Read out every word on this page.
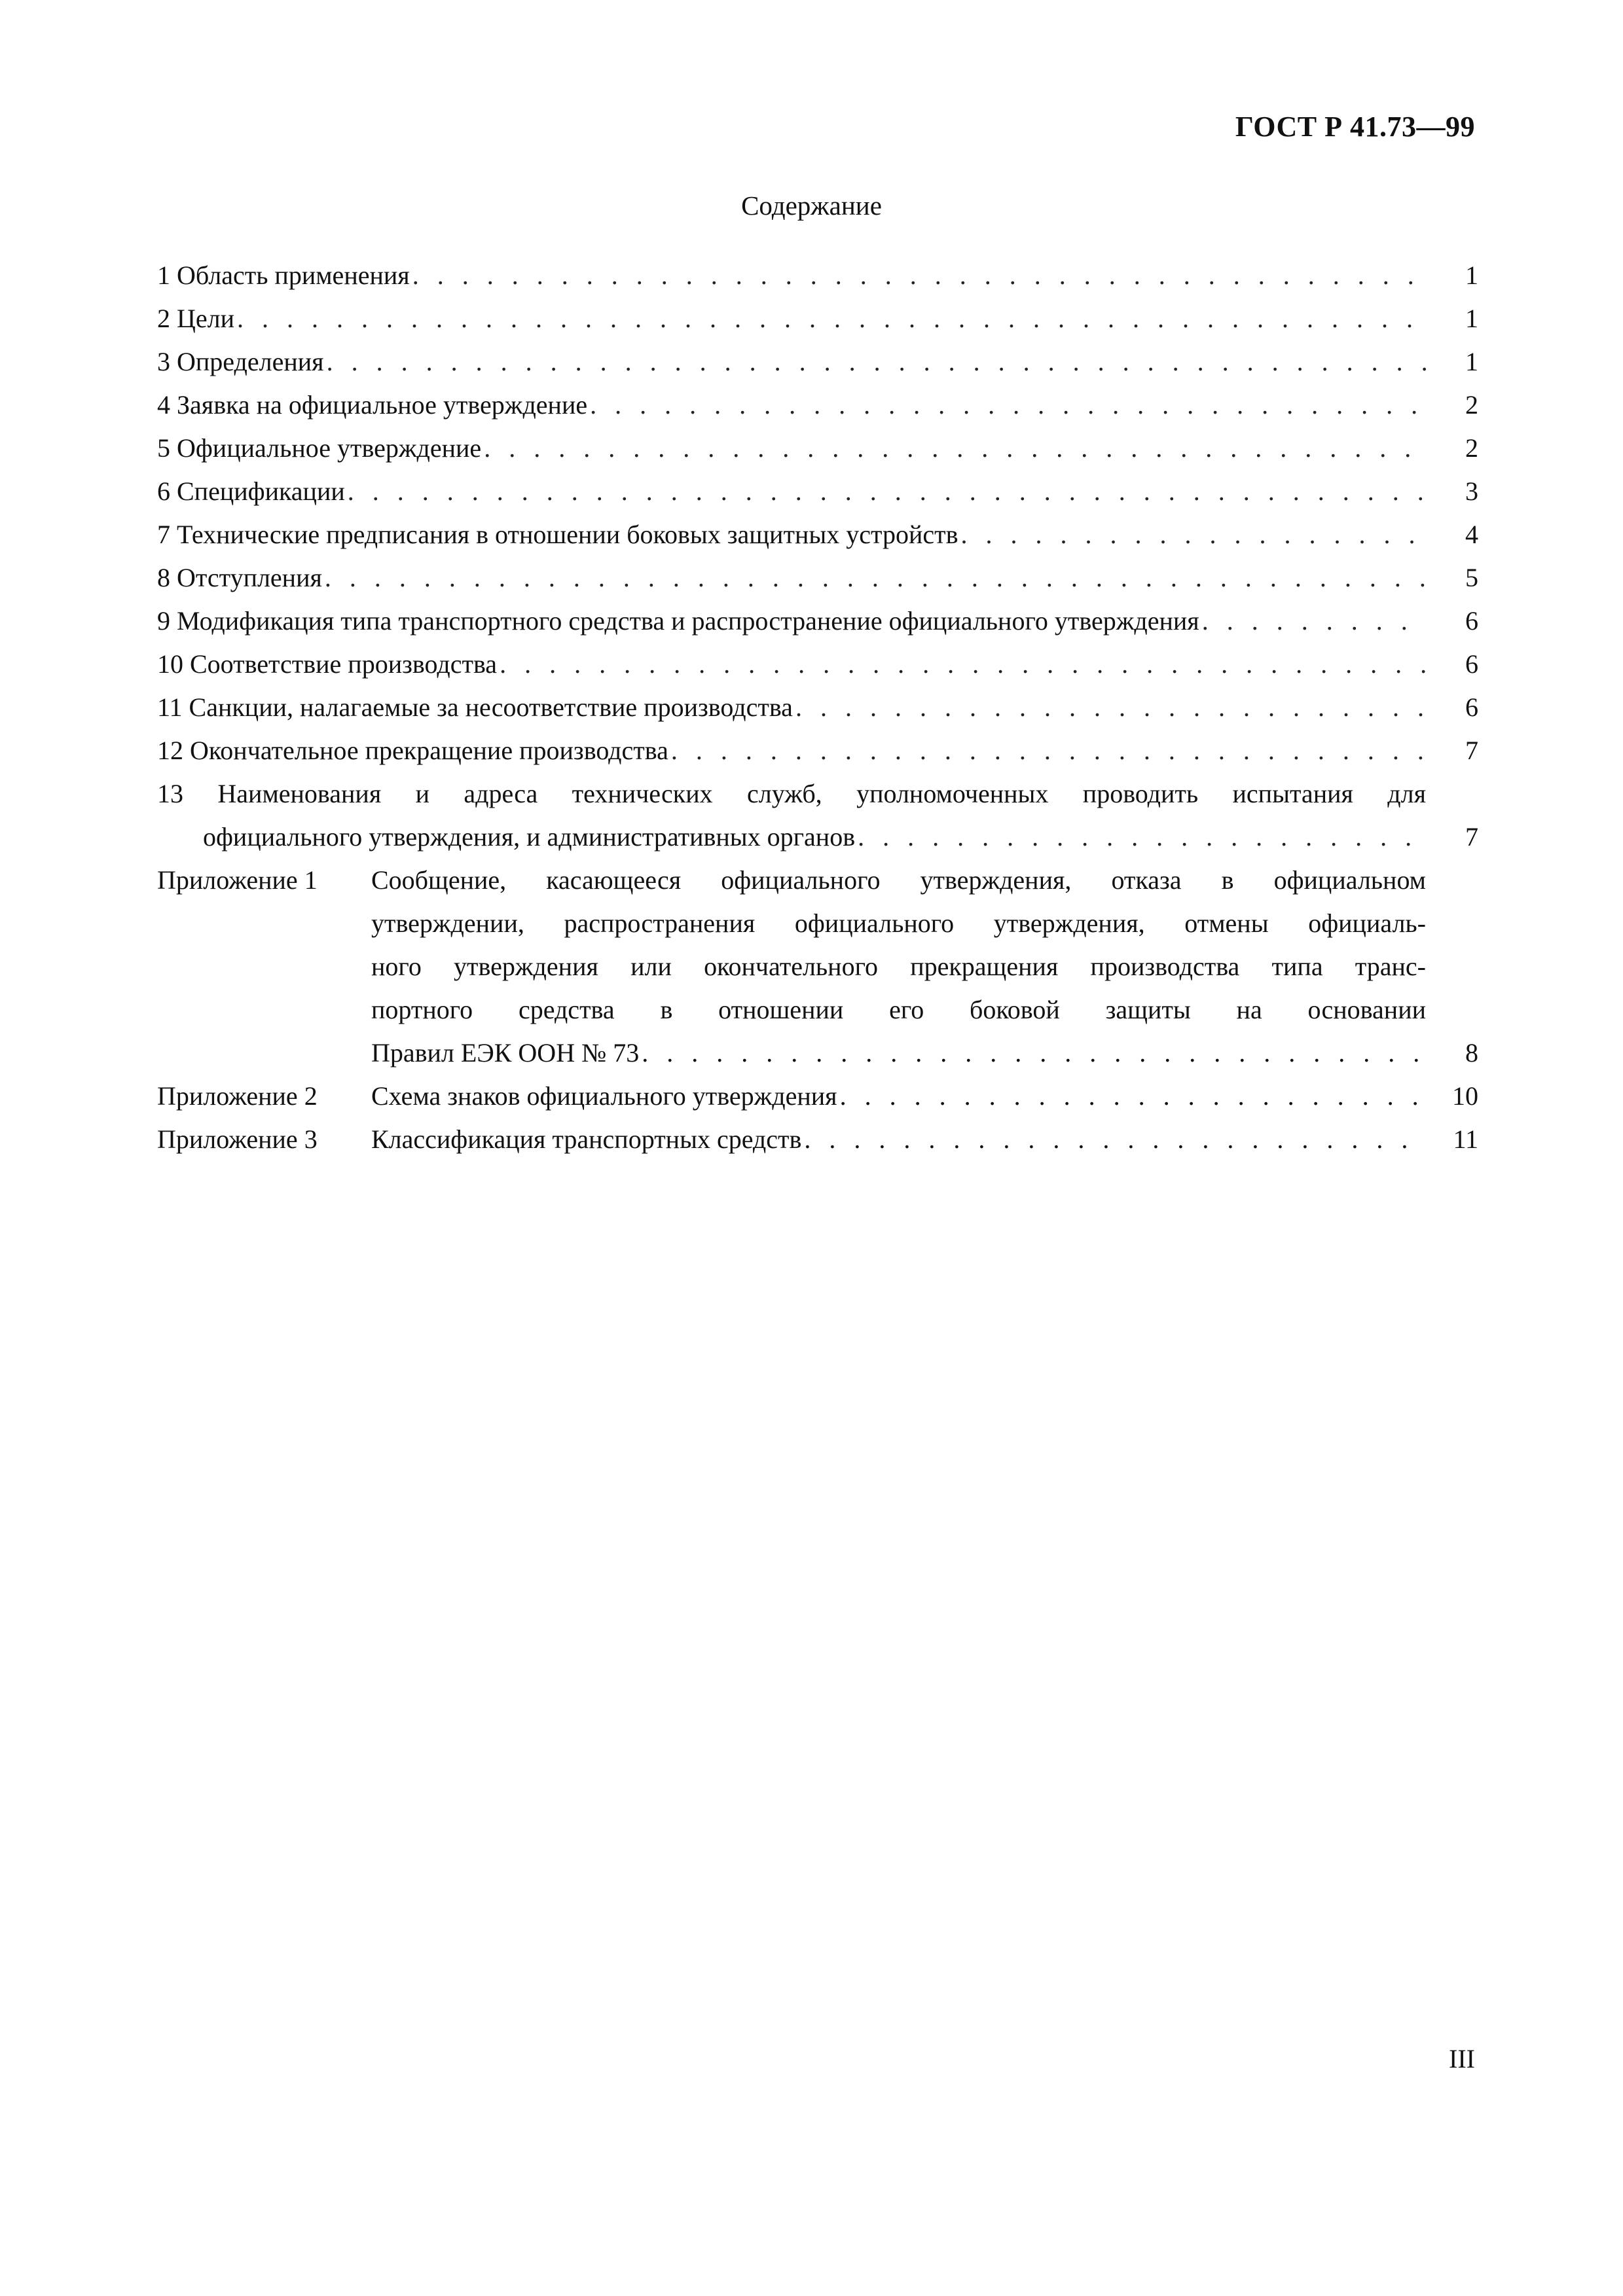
ГОСТ Р 41.73—99
Содержание
1 Область применения . . .	1
2 Цели . . .	1
3 Определения . . .	1
4 Заявка на официальное утверждение . . .	2
5 Официальное утверждение . . .	2
6 Спецификации . . .	3
7 Технические предписания в отношении боковых защитных устройств . . .	4
8 Отступления . . .	5
9 Модификация типа транспортного средства и распространение официального утверждения . . .	6
10 Соответствие производства . . .	6
11 Санкции, налагаемые за несоответствие производства . . .	6
12 Окончательное прекращение производства . . .	7
13 Наименования и адреса технических служб, уполномоченных проводить испытания для
официального утверждения, и административных органов . . .	7
Приложение 1 Сообщение, касающееся официального утверждения, отказа в официальном
утверждении, распространения официального утверждения, отмены официаль-
ного утверждения или окончательного прекращения производства типа транс-
портного средства в отношении его боковой защиты на основании
Правил ЕЭК ООН № 73 . . .	8
Приложение 2 Схема знаков официального утверждения . . .	10
Приложение 3 Классификация транспортных средств . . .	11
III
